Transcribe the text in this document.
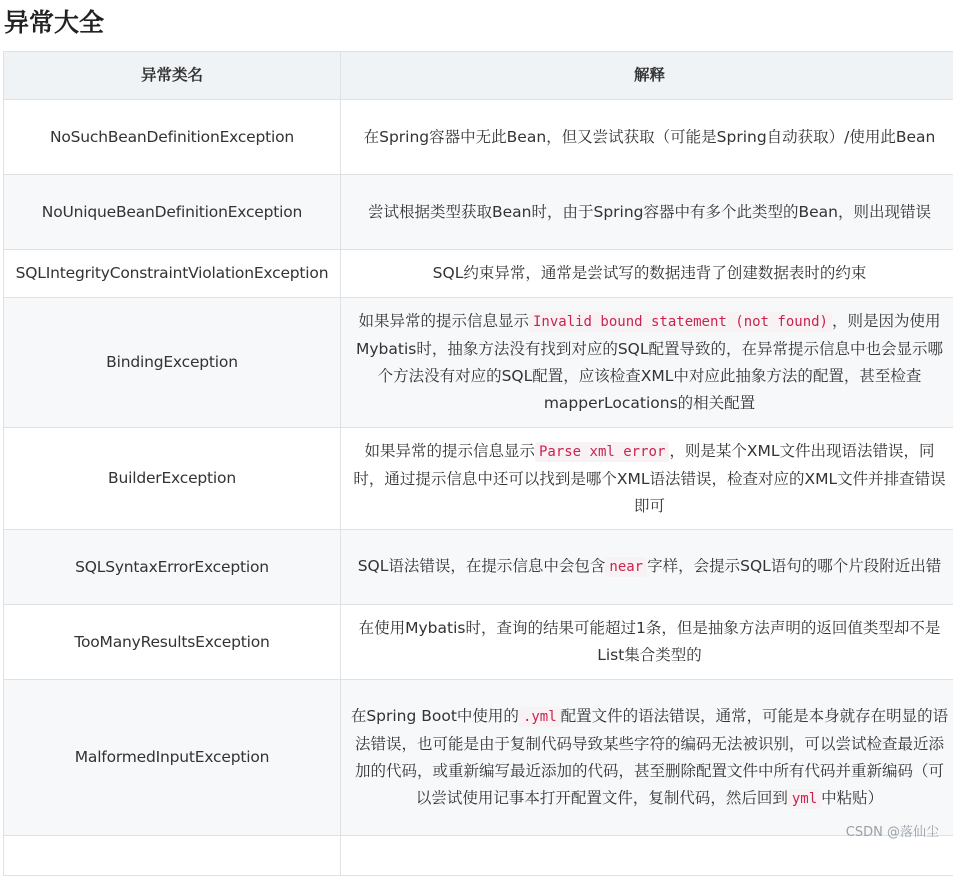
异常大全
异常类名	解释
NoSuchBeanDefinitionException	在Spring容器中无此Bean，但又尝试获取（可能是Spring自动获取）/使用此Bean
NoUniqueBeanDefinitionException	尝试根据类型获取Bean时，由于Spring容器中有多个此类型的Bean，则出现错误
SQLIntegrityConstraintViolationException	SQL约束异常，通常是尝试写的数据违背了创建数据表时的约束
BindingException	如果异常的提示信息显示 Invalid bound statement (not found) ，则是因为使用Mybatis时，抽象方法没有找到对应的SQL配置导致的，在异常提示信息中也会显示哪个方法没有对应的SQL配置，应该检查XML中对应此抽象方法的配置，甚至检查mapperLocations的相关配置
BuilderException	如果异常的提示信息显示 Parse xml error ，则是某个XML文件出现语法错误，同时，通过提示信息中还可以找到是哪个XML语法错误，检查对应的XML文件并排查错误即可
SQLSyntaxErrorException	SQL语法错误，在提示信息中会包含 near 字样，会提示SQL语句的哪个片段附近出错
TooManyResultsException	在使用Mybatis时，查询的结果可能超过1条，但是抽象方法声明的返回值类型却不是List集合类型的
MalformedInputException	在Spring Boot中使用的 .yml 配置文件的语法错误，通常，可能是本身就存在明显的语法错误，也可能是由于复制代码导致某些字符的编码无法被识别，可以尝试检查最近添加的代码，或重新编写最近添加的代码，甚至删除配置文件中所有代码并重新编码（可以尝试使用记事本打开配置文件，复制代码，然后回到 yml 中粘贴）

CSDN @落仙尘
